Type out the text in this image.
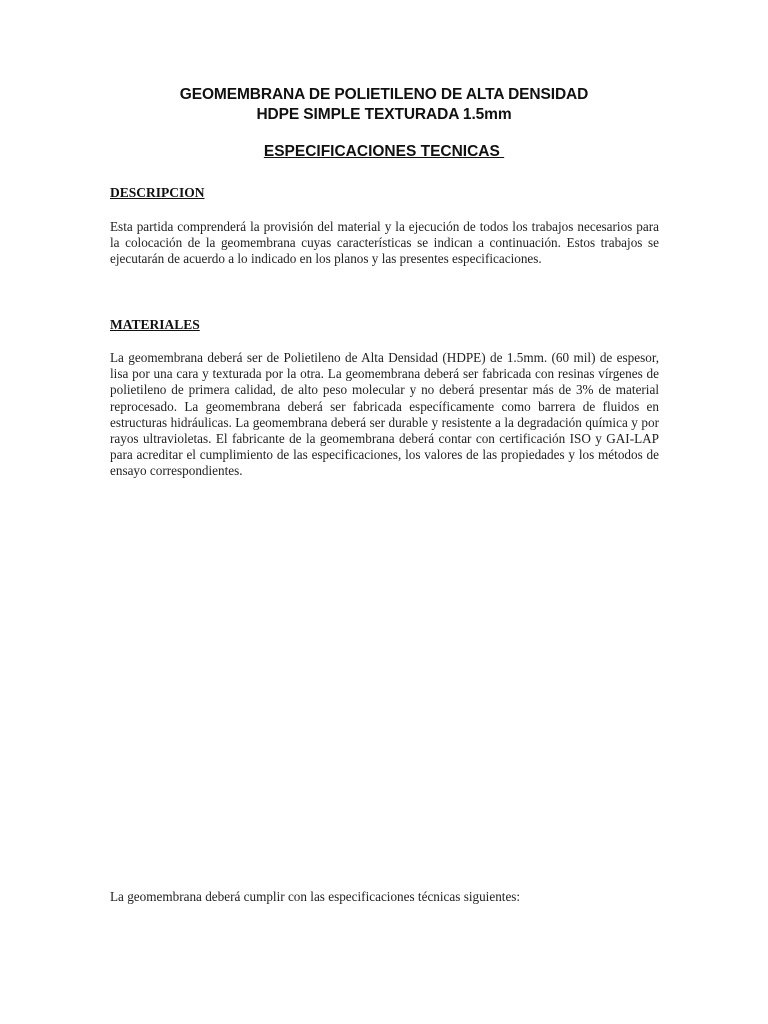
GEOMEMBRANA DE POLIETILENO DE ALTA DENSIDAD
HDPE SIMPLE TEXTURADA 1.5mm
ESPECIFICACIONES TECNICAS
DESCRIPCION
Esta partida comprenderá la provisión del material y la ejecución de todos los trabajos necesarios para la colocación de la geomembrana cuyas características se indican a continuación. Estos trabajos se ejecutarán de acuerdo a lo indicado en los planos y las presentes especificaciones.
MATERIALES
La geomembrana deberá ser de Polietileno de Alta Densidad (HDPE) de 1.5mm. (60 mil) de espesor, lisa por una cara y texturada por la otra. La geomembrana deberá ser fabricada con resinas vírgenes de polietileno de primera calidad, de alto peso molecular y no deberá presentar más de 3% de material reprocesado. La geomembrana deberá ser fabricada específicamente como barrera de fluidos en estructuras hidráulicas. La geomembrana deberá ser durable y resistente a la degradación química y por rayos ultravioletas. El fabricante de la geomembrana deberá contar con certificación ISO y GAI-LAP para acreditar el cumplimiento de las especificaciones, los valores de las propiedades y los métodos de ensayo correspondientes.
La geomembrana deberá cumplir con las especificaciones técnicas siguientes:
